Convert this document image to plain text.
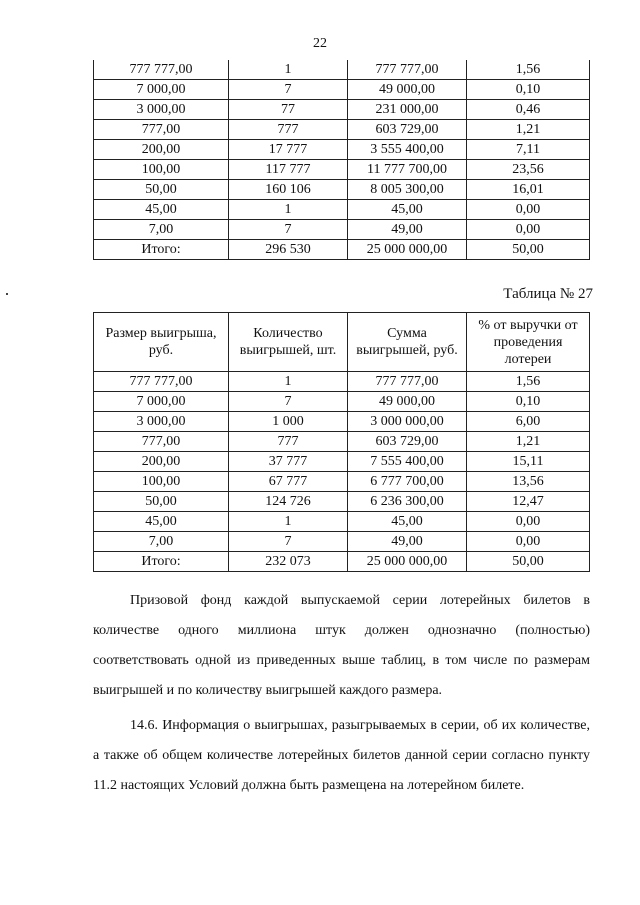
22
777 777,00	1	777 777,00	1,56
7 000,00	7	49 000,00	0,10
3 000,00	77	231 000,00	0,46
777,00	777	603 729,00	1,21
200,00	17 777	3 555 400,00	7,11
100,00	117 777	11 777 700,00	23,56
50,00	160 106	8 005 300,00	16,01
45,00	1	45,00	0,00
7,00	7	49,00	0,00
Итого:	296 530	25 000 000,00	50,00
Таблица № 27
Размер выигрыша, руб.	Количество выигрышей, шт.	Сумма выигрышей, руб.	% от выручки от проведения лотереи
777 777,00	1	777 777,00	1,56
7 000,00	7	49 000,00	0,10
3 000,00	1 000	3 000 000,00	6,00
777,00	777	603 729,00	1,21
200,00	37 777	7 555 400,00	15,11
100,00	67 777	6 777 700,00	13,56
50,00	124 726	6 236 300,00	12,47
45,00	1	45,00	0,00
7,00	7	49,00	0,00
Итого:	232 073	25 000 000,00	50,00

Призовой фонд каждой выпускаемой серии лотерейных билетов в количестве одного миллиона штук должен однозначно (полностью) соответствовать одной из приведенных выше таблиц, в том числе по размерам выигрышей и по количеству выигрышей каждого размера.

14.6. Информация о выигрышах, разыгрываемых в серии, об их количестве, а также об общем количестве лотерейных билетов данной серии согласно пункту 11.2 настоящих Условий должна быть размещена на лотерейном билете.
